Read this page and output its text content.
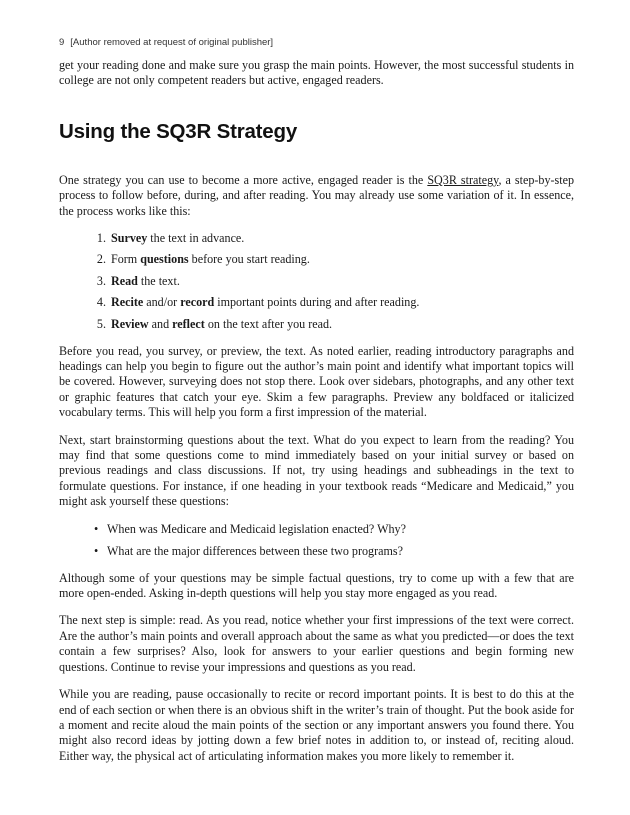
9 [Author removed at request of original publisher]

get your reading done and make sure you grasp the main points. However, the most successful students in college are not only competent readers but active, engaged readers.

Using the SQ3R Strategy

One strategy you can use to become a more active, engaged reader is the SQ3R strategy, a step-by-step process to follow before, during, and after reading. You may already use some variation of it. In essence, the process works like this:

1. Survey the text in advance.
2. Form questions before you start reading.
3. Read the text.
4. Recite and/or record important points during and after reading.
5. Review and reflect on the text after you read.

Before you read, you survey, or preview, the text. As noted earlier, reading introductory paragraphs and headings can help you begin to figure out the author’s main point and identify what important topics will be covered. However, surveying does not stop there. Look over sidebars, photographs, and any other text or graphic features that catch your eye. Skim a few paragraphs. Preview any boldfaced or italicized vocabulary terms. This will help you form a first impression of the material.

Next, start brainstorming questions about the text. What do you expect to learn from the reading? You may find that some questions come to mind immediately based on your initial survey or based on previous readings and class discussions. If not, try using headings and subheadings in the text to formulate questions. For instance, if one heading in your textbook reads “Medicare and Medicaid,” you might ask yourself these questions:

• When was Medicare and Medicaid legislation enacted? Why?
• What are the major differences between these two programs?

Although some of your questions may be simple factual questions, try to come up with a few that are more open-ended. Asking in-depth questions will help you stay more engaged as you read.

The next step is simple: read. As you read, notice whether your first impressions of the text were correct. Are the author’s main points and overall approach about the same as what you predicted—or does the text contain a few surprises? Also, look for answers to your earlier questions and begin forming new questions. Continue to revise your impressions and questions as you read.

While you are reading, pause occasionally to recite or record important points. It is best to do this at the end of each section or when there is an obvious shift in the writer’s train of thought. Put the book aside for a moment and recite aloud the main points of the section or any important answers you found there. You might also record ideas by jotting down a few brief notes in addition to, or instead of, reciting aloud. Either way, the physical act of articulating information makes you more likely to remember it.
